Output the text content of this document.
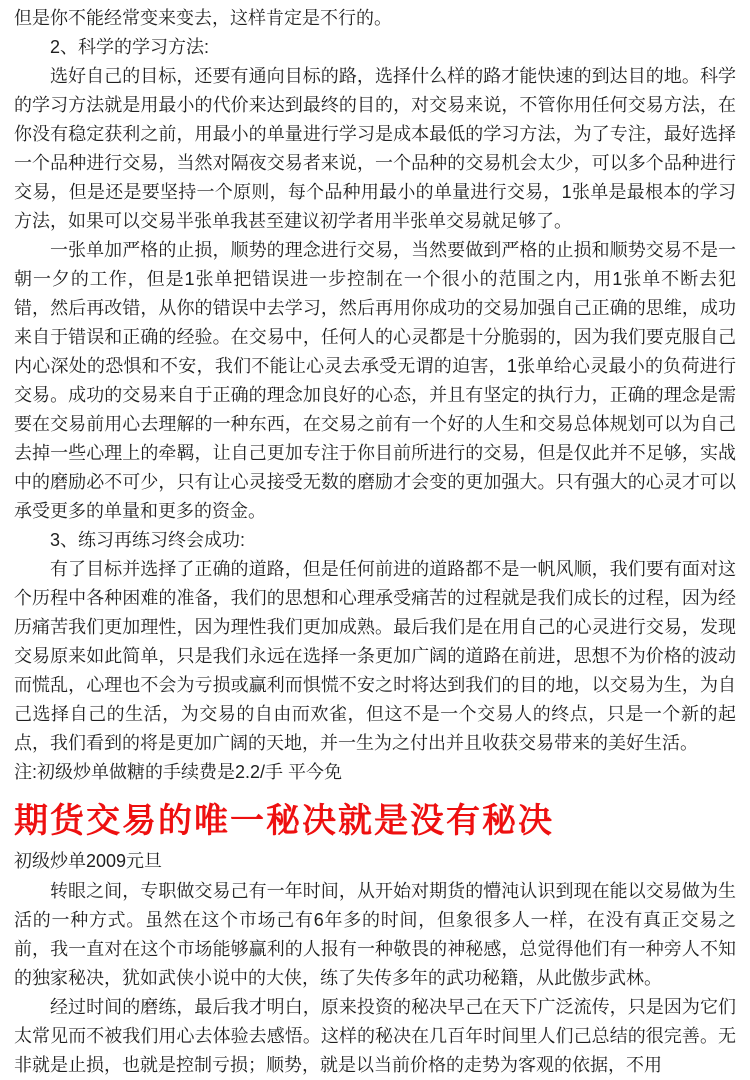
但是你不能经常变来变去，这样肯定是不行的。
2、科学的学习方法:
选好自己的目标，还要有通向目标的路，选择什么样的路才能快速的到达目的地。科学的学习方法就是用最小的代价来达到最终的目的，对交易来说，不管你用任何交易方法，在你没有稳定获利之前，用最小的单量进行学习是成本最低的学习方法，为了专注，最好选择一个品种进行交易，当然对隔夜交易者来说，一个品种的交易机会太少，可以多个品种进行交易，但是还是要坚持一个原则，每个品种用最小的单量进行交易，1张单是最根本的学习方法，如果可以交易半张单我甚至建议初学者用半张单交易就足够了。
一张单加严格的止损，顺势的理念进行交易，当然要做到严格的止损和顺势交易不是一朝一夕的工作，但是1张单把错误进一步控制在一个很小的范围之内，用1张单不断去犯错，然后再改错，从你的错误中去学习，然后再用你成功的交易加强自己正确的思维，成功来自于错误和正确的经验。在交易中，任何人的心灵都是十分脆弱的，因为我们要克服自己内心深处的恐惧和不安，我们不能让心灵去承受无谓的迫害，1张单给心灵最小的负荷进行交易。成功的交易来自于正确的理念加良好的心态，并且有坚定的执行力，正确的理念是需要在交易前用心去理解的一种东西，在交易之前有一个好的人生和交易总体规划可以为自己去掉一些心理上的牵羁，让自己更加专注于你目前所进行的交易，但是仅此并不足够，实战中的磨励必不可少，只有让心灵接受无数的磨励才会变的更加强大。只有强大的心灵才可以承受更多的单量和更多的资金。
3、练习再练习终会成功:
有了目标并选择了正确的道路，但是任何前进的道路都不是一帆风顺，我们要有面对这个历程中各种困难的准备，我们的思想和心理承受痛苦的过程就是我们成长的过程，因为经历痛苦我们更加理性，因为理性我们更加成熟。最后我们是在用自己的心灵进行交易，发现交易原来如此简单，只是我们永远在选择一条更加广阔的道路在前进，思想不为价格的波动而慌乱，心理也不会为亏损或赢利而惧慌不安之时将达到我们的目的地，以交易为生，为自己选择自己的生活，为交易的自由而欢雀，但这不是一个交易人的终点，只是一个新的起点，我们看到的将是更加广阔的天地，并一生为之付出并且收获交易带来的美好生活。
注:初级炒单做糖的手续费是2.2/手 平今免
期货交易的唯一秘决就是没有秘决
初级炒单2009元旦
转眼之间，专职做交易己有一年时间，从开始对期货的懵沌认识到现在能以交易做为生活的一种方式。虽然在这个市场己有6年多的时间，但象很多人一样，在没有真正交易之前，我一直对在这个市场能够赢利的人报有一种敬畏的神秘感，总觉得他们有一种旁人不知的独家秘决，犹如武侠小说中的大侠，练了失传多年的武功秘籍，从此傲步武林。
经过时间的磨练，最后我才明白，原来投资的秘决早己在天下广泛流传，只是因为它们太常见而不被我们用心去体验去感悟。这样的秘决在几百年时间里人们己总结的很完善。无非就是止损，也就是控制亏损；顺势，就是以当前价格的走势为客观的依据，不用
